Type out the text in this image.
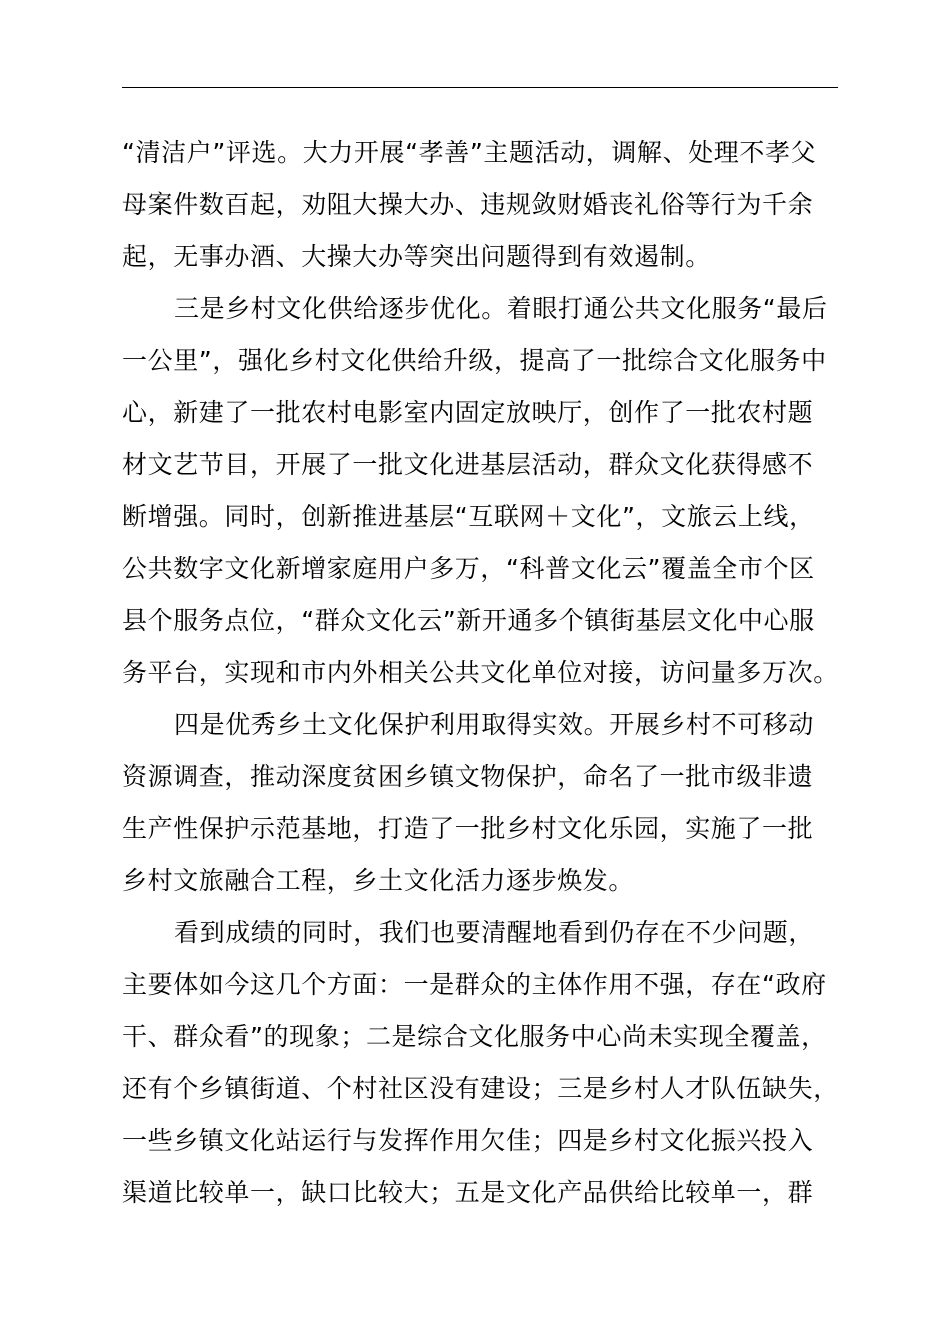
“清洁户”评选。大力开展“孝善”主题活动，调解、处理不孝父
母案件数百起，劝阻大操大办、违规敛财婚丧礼俗等行为千余
起，无事办酒、大操大办等突出问题得到有效遏制。
三是乡村文化供给逐步优化。着眼打通公共文化服务“最后
一公里”，强化乡村文化供给升级，提高了一批综合文化服务中
心，新建了一批农村电影室内固定放映厅，创作了一批农村题
材文艺节目，开展了一批文化进基层活动，群众文化获得感不
断增强。同时，创新推进基层“互联网＋文化”，文旅云上线，
公共数字文化新增家庭用户多万，“科普文化云”覆盖全市个区
县个服务点位，“群众文化云”新开通多个镇街基层文化中心服
务平台，实现和市内外相关公共文化单位对接，访问量多万次。
四是优秀乡土文化保护利用取得实效。开展乡村不可移动
资源调查，推动深度贫困乡镇文物保护，命名了一批市级非遗
生产性保护示范基地，打造了一批乡村文化乐园，实施了一批
乡村文旅融合工程，乡土文化活力逐步焕发。
看到成绩的同时，我们也要清醒地看到仍存在不少问题，
主要体如今这几个方面：一是群众的主体作用不强，存在“政府
干、群众看”的现象；二是综合文化服务中心尚未实现全覆盖，
还有个乡镇街道、个村社区没有建设；三是乡村人才队伍缺失，
一些乡镇文化站运行与发挥作用欠佳；四是乡村文化振兴投入
渠道比较单一，缺口比较大；五是文化产品供给比较单一，群
